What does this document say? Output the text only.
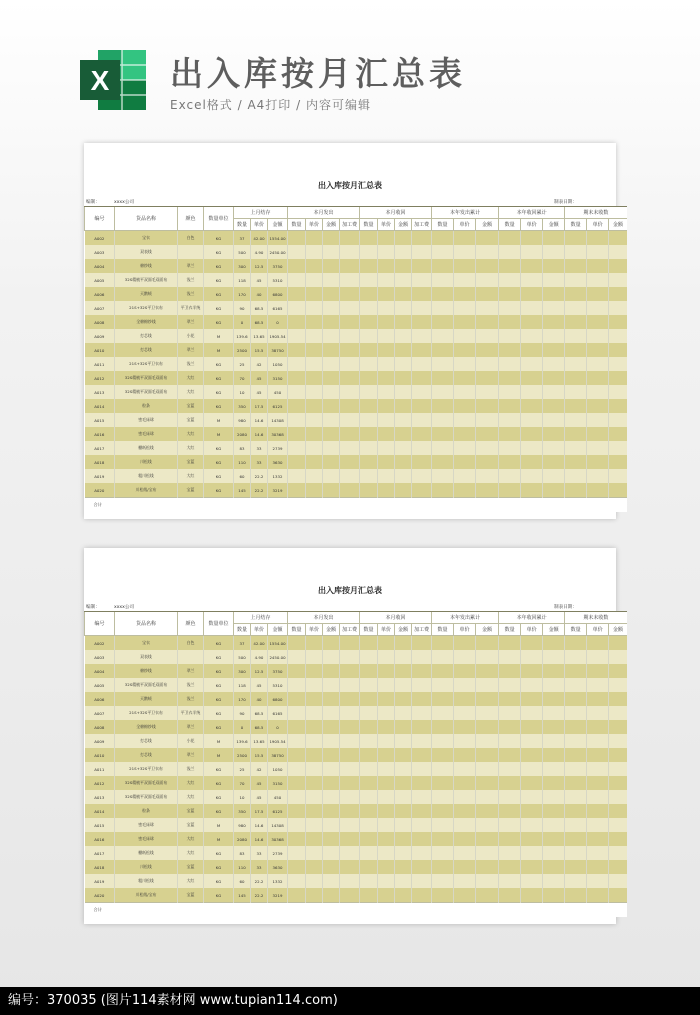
X 出入库按月汇总表
Excel格式 / A4打印 / 内容可编辑
出入库按月汇总表
编制：	xxxx公司	制表日期：
编号	货品名称	颜色	数量单位	上月结存			本月发出				本月收回				本年发出累计			本年收回累计			期末未收数		
				数量	单价	金额	数量	单价	金额	加工费	数量	单价	金额	加工费	数量	单价	金额	数量	单价	金额	数量	单价	金额
A002	宝衣	白色	KG	37	42.00	1554.00																	
A003	双表线		KG	500	4.90	2450.00																	
A004	棉纱线	翠兰	KG	300	12.5	3750																	
A005	32S精梳平双面毛双面布	浅兰	KG	118	45	5310																	
A006	天鹅绒	浅兰	KG	170	40	6800																	
A007	21S+32S平卫衣布	平卫衣半统	KG	90	68.5	6165																	
A008	全棉棉纱线	翠兰	KG	0	68.5	0																	
A009	打芯线	小花	M	139.6	13.65	1905.54																	
A010	打芯线	翠兰	M	2500	15.5	38750																	
A011	21S+32S平卫衣布	浅兰	KG	25	42	1050																	
A012	32S精梳平双面毛双面布	大红	KG	70	45	3150																	
A013	32S精梳平双面毛双面布	大红	KG	10	45	450																	
A014	粒条	宝蓝	KG	350	17.5	6125																	
A015	密毛床球	宝蓝	M	980	14.6	14308																	
A016	密毛床球	大红	M	2080	14.6	30368																	
A017	棚纸松线	大红	KG	83	33	2739																	
A018	川松线	宝蓝	KG	110	33	3630																	
A019	粗川松线	大红	KG	60	22.2	1332																	
A020	川松线/宝布	宝蓝	KG	145	22.2	3219																	
合计																							
出入库按月汇总表
编制：	xxxx公司	制表日期：
编号	货品名称	颜色	数量单位	上月结存			本月发出				本月收回				本年发出累计			本年收回累计			期末未收数		
				数量	单价	金额	数量	单价	金额	加工费	数量	单价	金额	加工费	数量	单价	金额	数量	单价	金额	数量	单价	金额
A002	宝衣	白色	KG	37	42.00	1554.00																	
A003	双表线		KG	500	4.90	2450.00																	
A004	棉纱线	翠兰	KG	300	12.5	3750																	
A005	32S精梳平双面毛双面布	浅兰	KG	118	45	5310																	
A006	天鹅绒	浅兰	KG	170	40	6800																	
A007	21S+32S平卫衣布	平卫衣半统	KG	90	68.5	6165																	
A008	全棉棉纱线	翠兰	KG	0	68.5	0																	
A009	打芯线	小花	M	139.6	13.65	1905.54																	
A010	打芯线	翠兰	M	2500	15.5	38750																	
A011	21S+32S平卫衣布	浅兰	KG	25	42	1050																	
A012	32S精梳平双面毛双面布	大红	KG	70	45	3150																	
A013	32S精梳平双面毛双面布	大红	KG	10	45	450																	
A014	粒条	宝蓝	KG	350	17.5	6125																	
A015	密毛床球	宝蓝	M	980	14.6	14308																	
A016	密毛床球	大红	M	2080	14.6	30368																	
A017	棚纸松线	大红	KG	83	33	2739																	
A018	川松线	宝蓝	KG	110	33	3630																	
A019	粗川松线	大红	KG	60	22.2	1332																	
A020	川松线/宝布	宝蓝	KG	145	22.2	3219																	
合计																							
编号：370035 (图片114素材网 www.tupian114.com)
